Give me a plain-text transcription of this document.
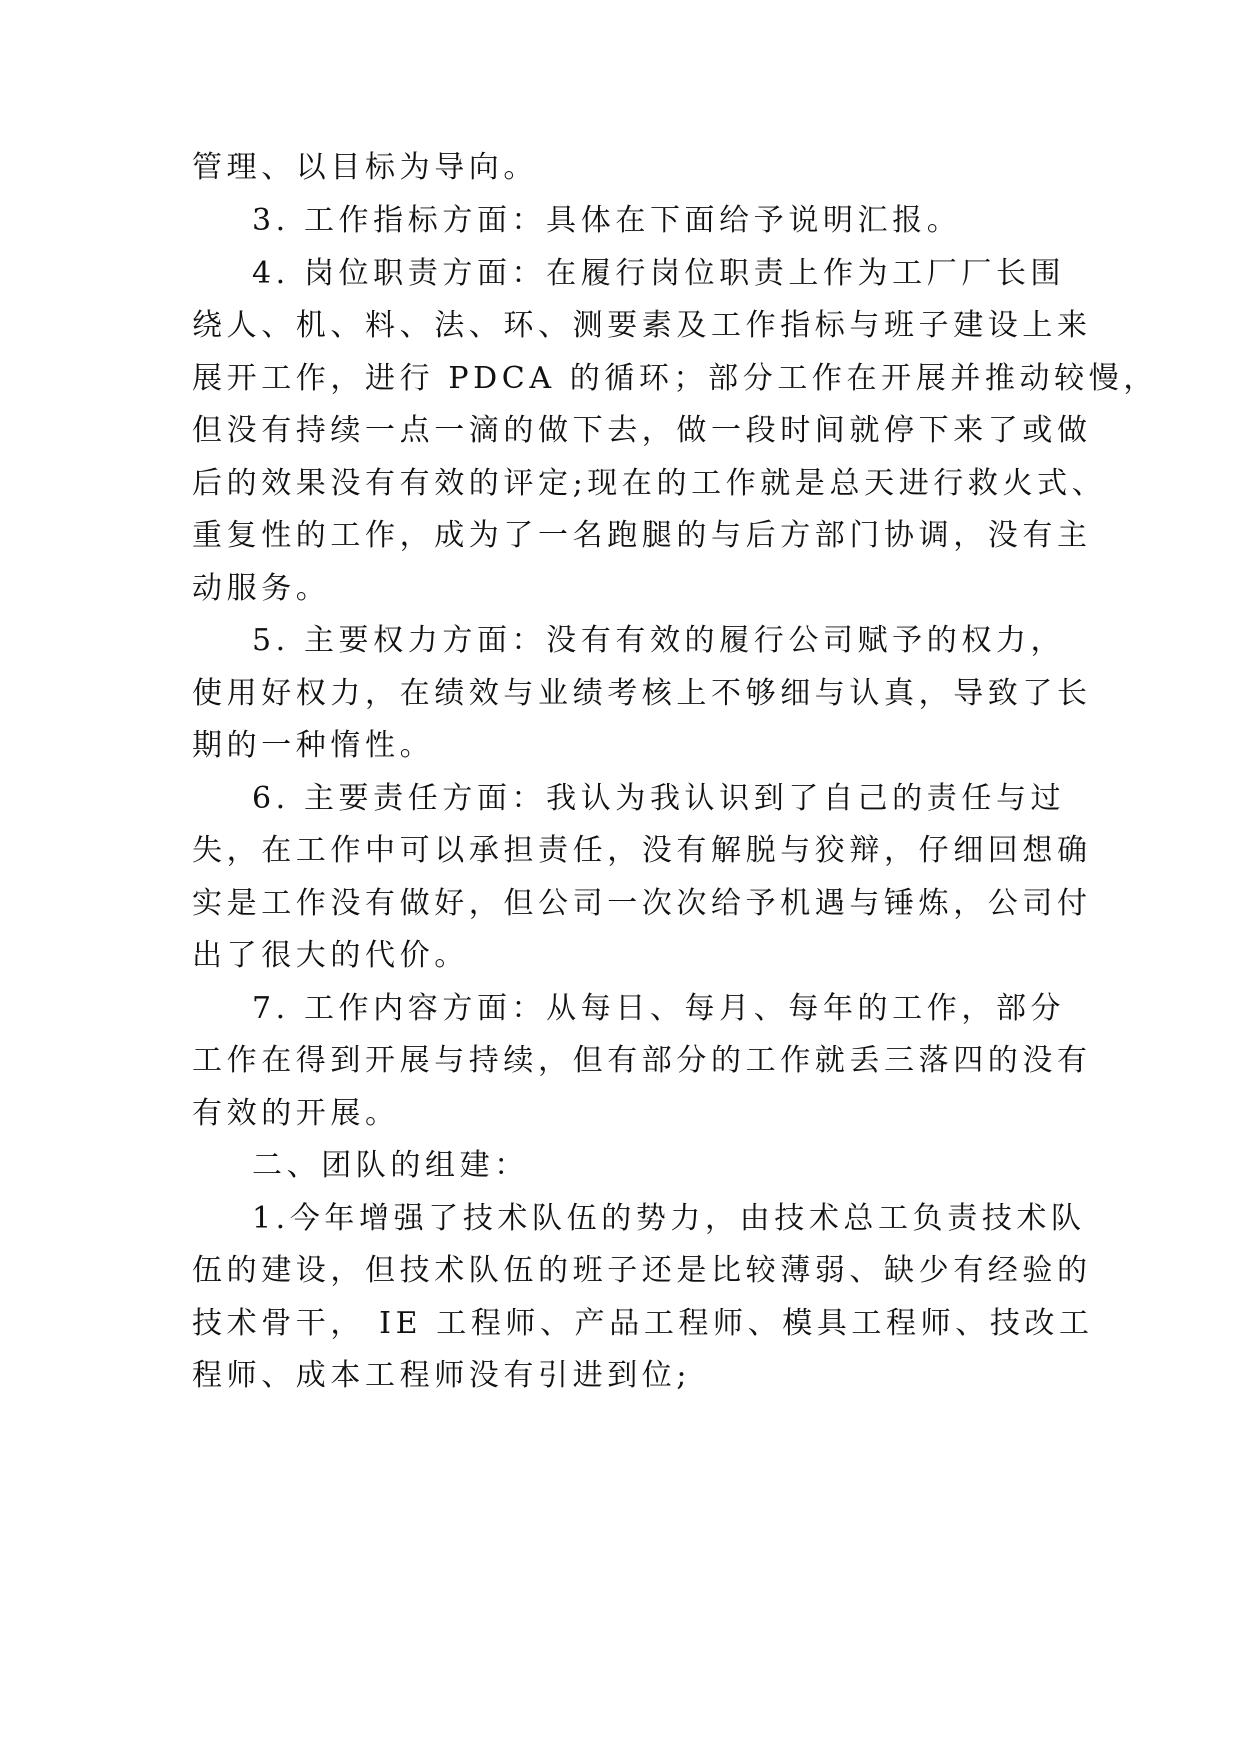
管理、以目标为导向。
3. 工作指标方面：具体在下面给予说明汇报。
4. 岗位职责方面：在履行岗位职责上作为工厂厂长围
绕人、机、料、法、环、测要素及工作指标与班子建设上来
展开工作，进行 PDCA 的循环；部分工作在开展并推动较慢，
但没有持续一点一滴的做下去，做一段时间就停下来了或做
后的效果没有有效的评定;现在的工作就是总天进行救火式、
重复性的工作，成为了一名跑腿的与后方部门协调，没有主
动服务。
5. 主要权力方面：没有有效的履行公司赋予的权力，
使用好权力，在绩效与业绩考核上不够细与认真，导致了长
期的一种惰性。
6. 主要责任方面：我认为我认识到了自己的责任与过
失，在工作中可以承担责任，没有解脱与狡辩，仔细回想确
实是工作没有做好，但公司一次次给予机遇与锤炼，公司付
出了很大的代价。
7. 工作内容方面：从每日、每月、每年的工作，部分
工作在得到开展与持续，但有部分的工作就丢三落四的没有
有效的开展。
二、团队的组建：
1.今年增强了技术队伍的势力，由技术总工负责技术队
伍的建设，但技术队伍的班子还是比较薄弱、缺少有经验的
技术骨干， IE 工程师、产品工程师、模具工程师、技改工
程师、成本工程师没有引进到位;
